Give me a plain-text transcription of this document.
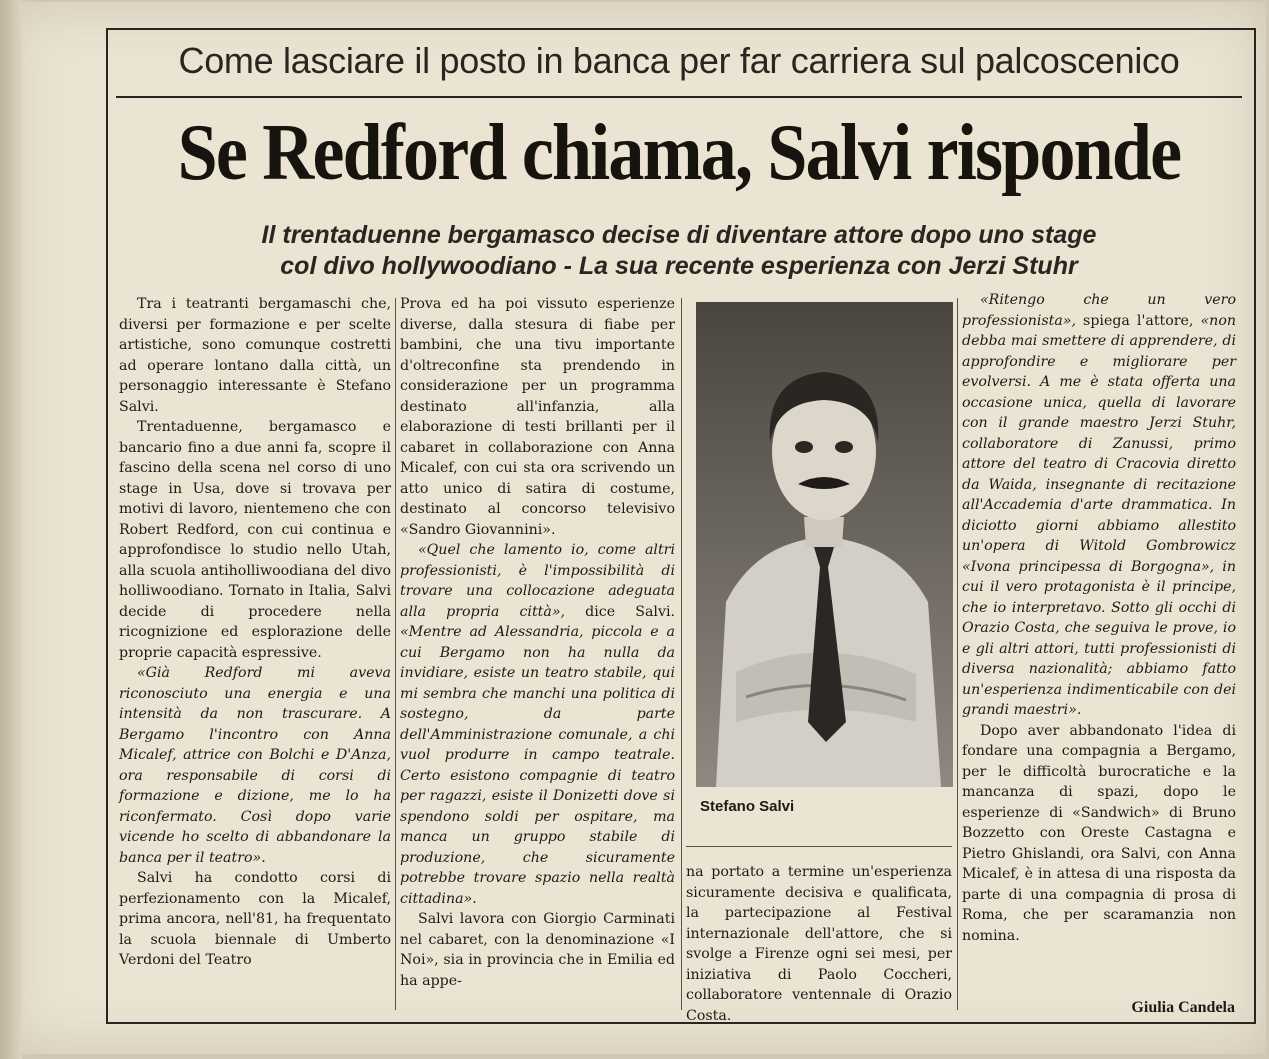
Come lasciare il posto in banca per far carriera sul palcoscenico
Se Redford chiama, Salvi risponde
Il trentaduenne bergamasco decise di diventare attore dopo uno stage
col divo hollywoodiano - La sua recente esperienza con Jerzi Stuhr

Tra i teatranti bergamaschi che, diversi per formazione e per scelte artistiche, sono comunque costretti ad operare lontano dalla città, un personaggio interessante è Stefano Salvi.

Trentaduenne, bergamasco e bancario fino a due anni fa, scopre il fascino della scena nel corso di uno stage in Usa, dove si trovava per motivi di lavoro, nientemeno che con Robert Redford, con cui continua e approfondisce lo studio nello Utah, alla scuola antiholliwoodiana del divo holliwoodiano. Tornato in Italia, Salvi decide di procedere nella ricognizione ed esplorazione delle proprie capacità espressive.

«Già Redford mi aveva riconosciuto una energia e una intensità da non trascurare. A Bergamo l'incontro con Anna Micalef, attrice con Bolchi e D'Anza, ora responsabile di corsi di formazione e dizione, me lo ha riconfermato. Così dopo varie vicende ho scelto di abbandonare la banca per il teatro».

Salvi ha condotto corsi di perfezionamento con la Micalef, prima ancora, nell'81, ha frequentato la scuola biennale di Umberto Verdoni del Teatro

Prova ed ha poi vissuto esperienze diverse, dalla stesura di fiabe per bambini, che una tivu importante d'oltreconfine sta prendendo in considerazione per un programma destinato all'infanzia, alla elaborazione di testi brillanti per il cabaret in collaborazione con Anna Micalef, con cui sta ora scrivendo un atto unico di satira di costume, destinato al concorso televisivo «Sandro Giovannini».

«Quel che lamento io, come altri professionisti, è l'impossibilità di trovare una collocazione adeguata alla propria città», dice Salvi. «Mentre ad Alessandria, piccola e a cui Bergamo non ha nulla da invidiare, esiste un teatro stabile, qui mi sembra che manchi una politica di sostegno, da parte dell'Amministrazione comunale, a chi vuol produrre in campo teatrale. Certo esistono compagnie di teatro per ragazzi, esiste il Donizetti dove si spendono soldi per ospitare, ma manca un gruppo stabile di produzione, che sicuramente potrebbe trovare spazio nella realtà cittadina».

Salvi lavora con Giorgio Carminati nel cabaret, con la denominazione «I Noi», sia in provincia che in Emilia ed ha appe-

Stefano Salvi

na portato a termine un'esperienza sicuramente decisiva e qualificata, la partecipazione al Festival internazionale dell'attore, che si svolge a Firenze ogni sei mesi, per iniziativa di Paolo Coccheri, collaboratore ventennale di Orazio Costa.

«Ritengo che un vero professionista», spiega l'attore, «non debba mai smettere di apprendere, di approfondire e migliorare per evolversi. A me è stata offerta una occasione unica, quella di lavorare con il grande maestro Jerzi Stuhr, collaboratore di Zanussi, primo attore del teatro di Cracovia diretto da Waida, insegnante di recitazione all'Accademia d'arte drammatica. In diciotto giorni abbiamo allestito un'opera di Witold Gombrowicz «Ivona principessa di Borgogna», in cui il vero protagonista è il principe, che io interpretavo. Sotto gli occhi di Orazio Costa, che seguiva le prove, io e gli altri attori, tutti professionisti di diversa nazionalità; abbiamo fatto un'esperienza indimenticabile con dei grandi maestri».

Dopo aver abbandonato l'idea di fondare una compagnia a Bergamo, per le difficoltà burocratiche e la mancanza di spazi, dopo le esperienze di «Sandwich» di Bruno Bozzetto con Oreste Castagna e Pietro Ghislandi, ora Salvi, con Anna Micalef, è in attesa di una risposta da parte di una compagnia di prosa di Roma, che per scaramanzia non nomina.

Giulia Candela
